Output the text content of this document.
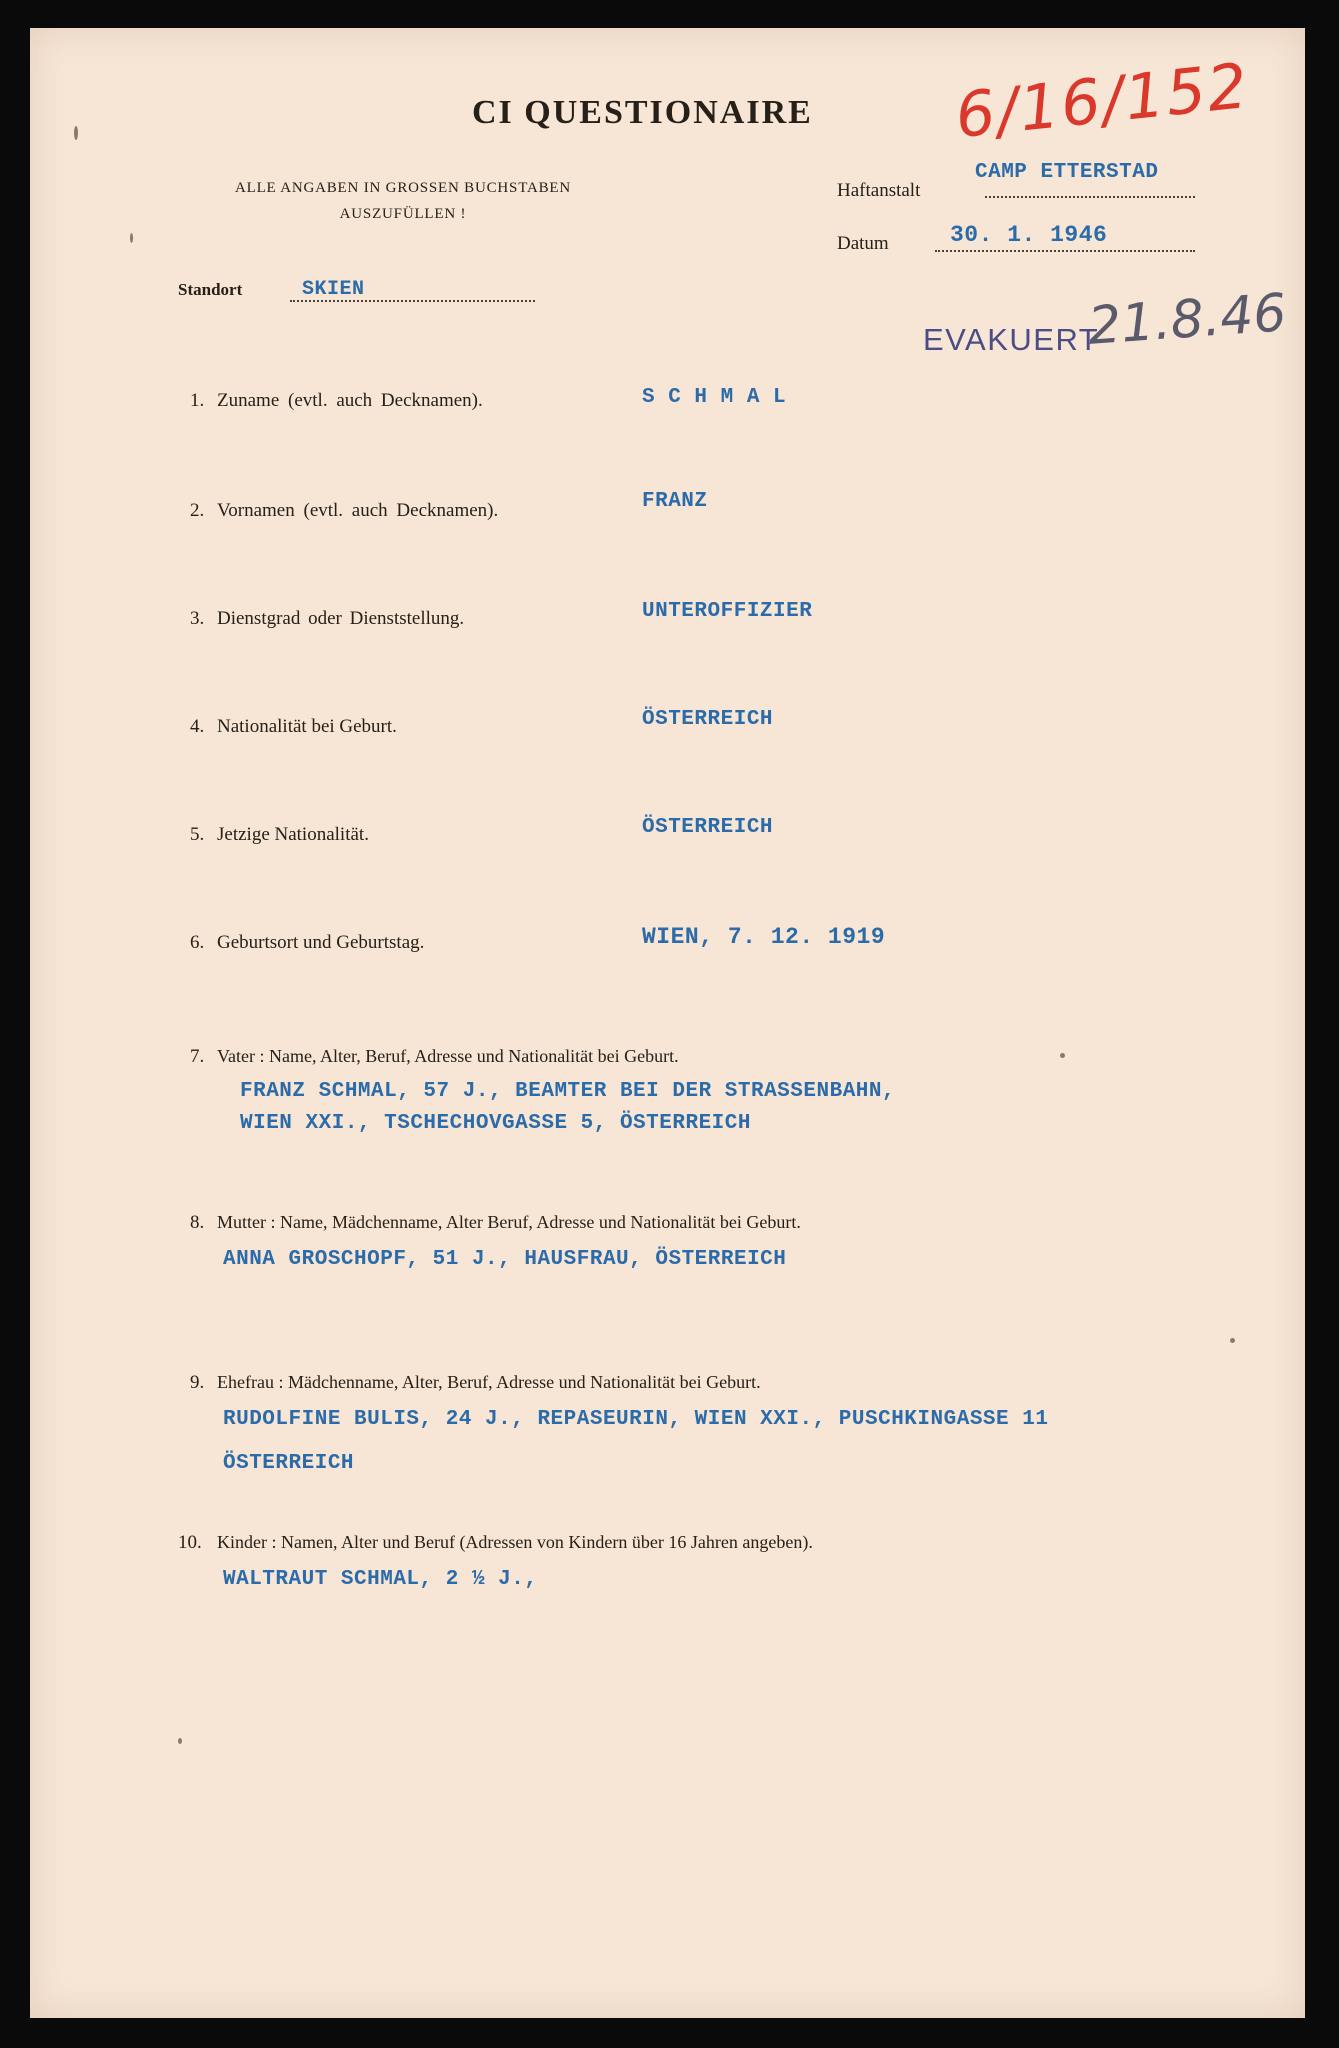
CI QUESTIONAIRE 6/16/152
ALLE ANGABEN IN GROSSEN BUCHSTABEN
AUSZUFÜLLEN !
Haftanstalt
CAMP ETTERSTAD
Datum	30. 1. 1946
Standort	SKIEN
EVAKUERT
21.8.46
1. Zuname (evtl. auch Decknamen).	S C H M A L
2. Vornamen (evtl. auch Decknamen).	FRANZ
3. Dienstgrad oder Dienststellung.	UNTEROFFIZIER
4. Nationalität bei Geburt.	ÖSTERREICH
5. Jetzige Nationalität.	ÖSTERREICH
6. Geburtsort und Geburtstag.	WIEN, 7. 12. 1919
7. Vater : Name, Alter, Beruf, Adresse und Nationalität bei Geburt.
FRANZ SCHMAL, 57 J., BEAMTER BEI DER STRASSENBAHN,
WIEN XXI., TSCHECHOVGASSE 5, ÖSTERREICH
8. Mutter : Name, Mädchenname, Alter Beruf, Adresse und Nationalität bei Geburt.
ANNA GROSCHOPF, 51 J., HAUSFRAU, ÖSTERREICH
9. Ehefrau : Mädchenname, Alter, Beruf, Adresse und Nationalität bei Geburt.
RUDOLFINE BULIS, 24 J., REPASEURIN, WIEN XXI., PUSCHKINGASSE 11
ÖSTERREICH
10. Kinder : Namen, Alter und Beruf (Adressen von Kindern über 16 Jahren angeben).
WALTRAUT SCHMAL, 2 ½ J.,
